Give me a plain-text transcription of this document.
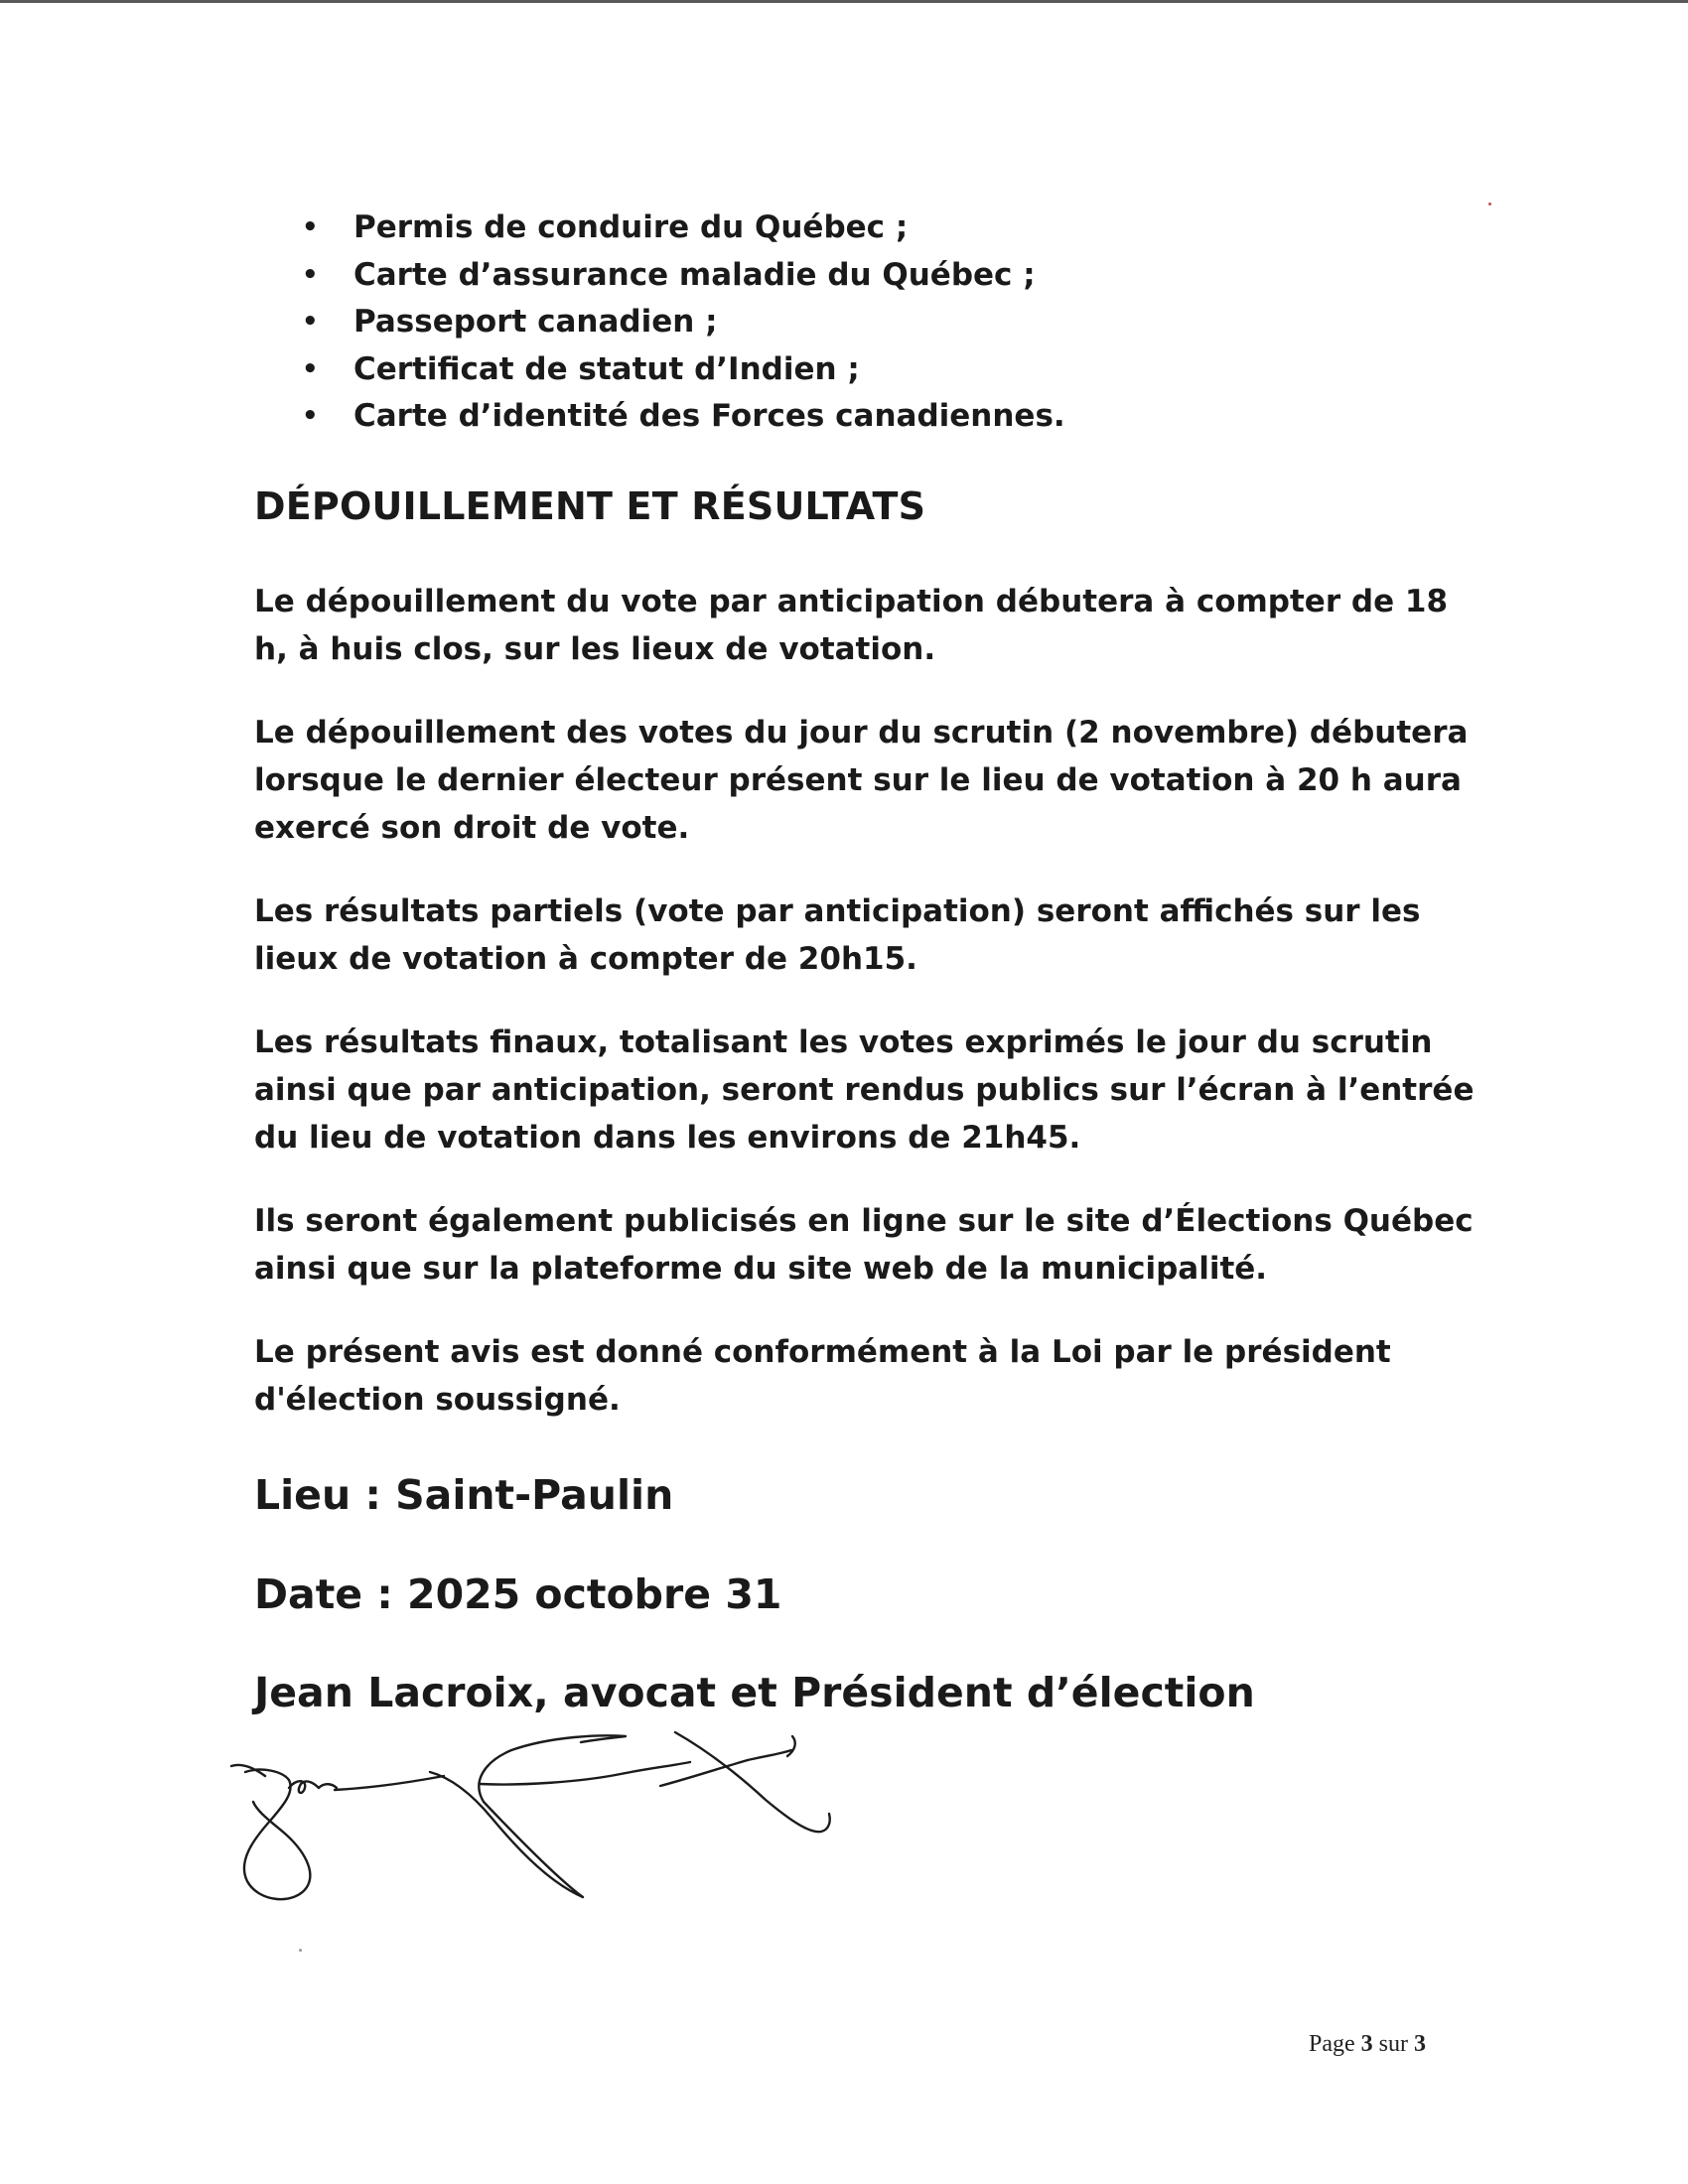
• Permis de conduire du Québec ;
• Carte d’assurance maladie du Québec ;
• Passeport canadien ;
• Certificat de statut d’Indien ;
• Carte d’identité des Forces canadiennes.
DÉPOUILLEMENT ET RÉSULTATS

Le dépouillement du vote par anticipation débutera à compter de 18 h, à huis clos, sur les lieux de votation.

Le dépouillement des votes du jour du scrutin (2 novembre) débutera lorsque le dernier électeur présent sur le lieu de votation à 20 h aura exercé son droit de vote.

Les résultats partiels (vote par anticipation) seront affichés sur les lieux de votation à compter de 20h15.

Les résultats finaux, totalisant les votes exprimés le jour du scrutin ainsi que par anticipation, seront rendus publics sur l’écran à l’entrée du lieu de votation dans les environs de 21h45.

Ils seront également publicisés en ligne sur le site d’Élections Québec ainsi que sur la plateforme du site web de la municipalité.

Le présent avis est donné conformément à la Loi par le président d'élection soussigné.

Lieu : Saint-Paulin

Date : 2025 octobre 31

Jean Lacroix, avocat et Président d’élection

Page 3 sur 3
